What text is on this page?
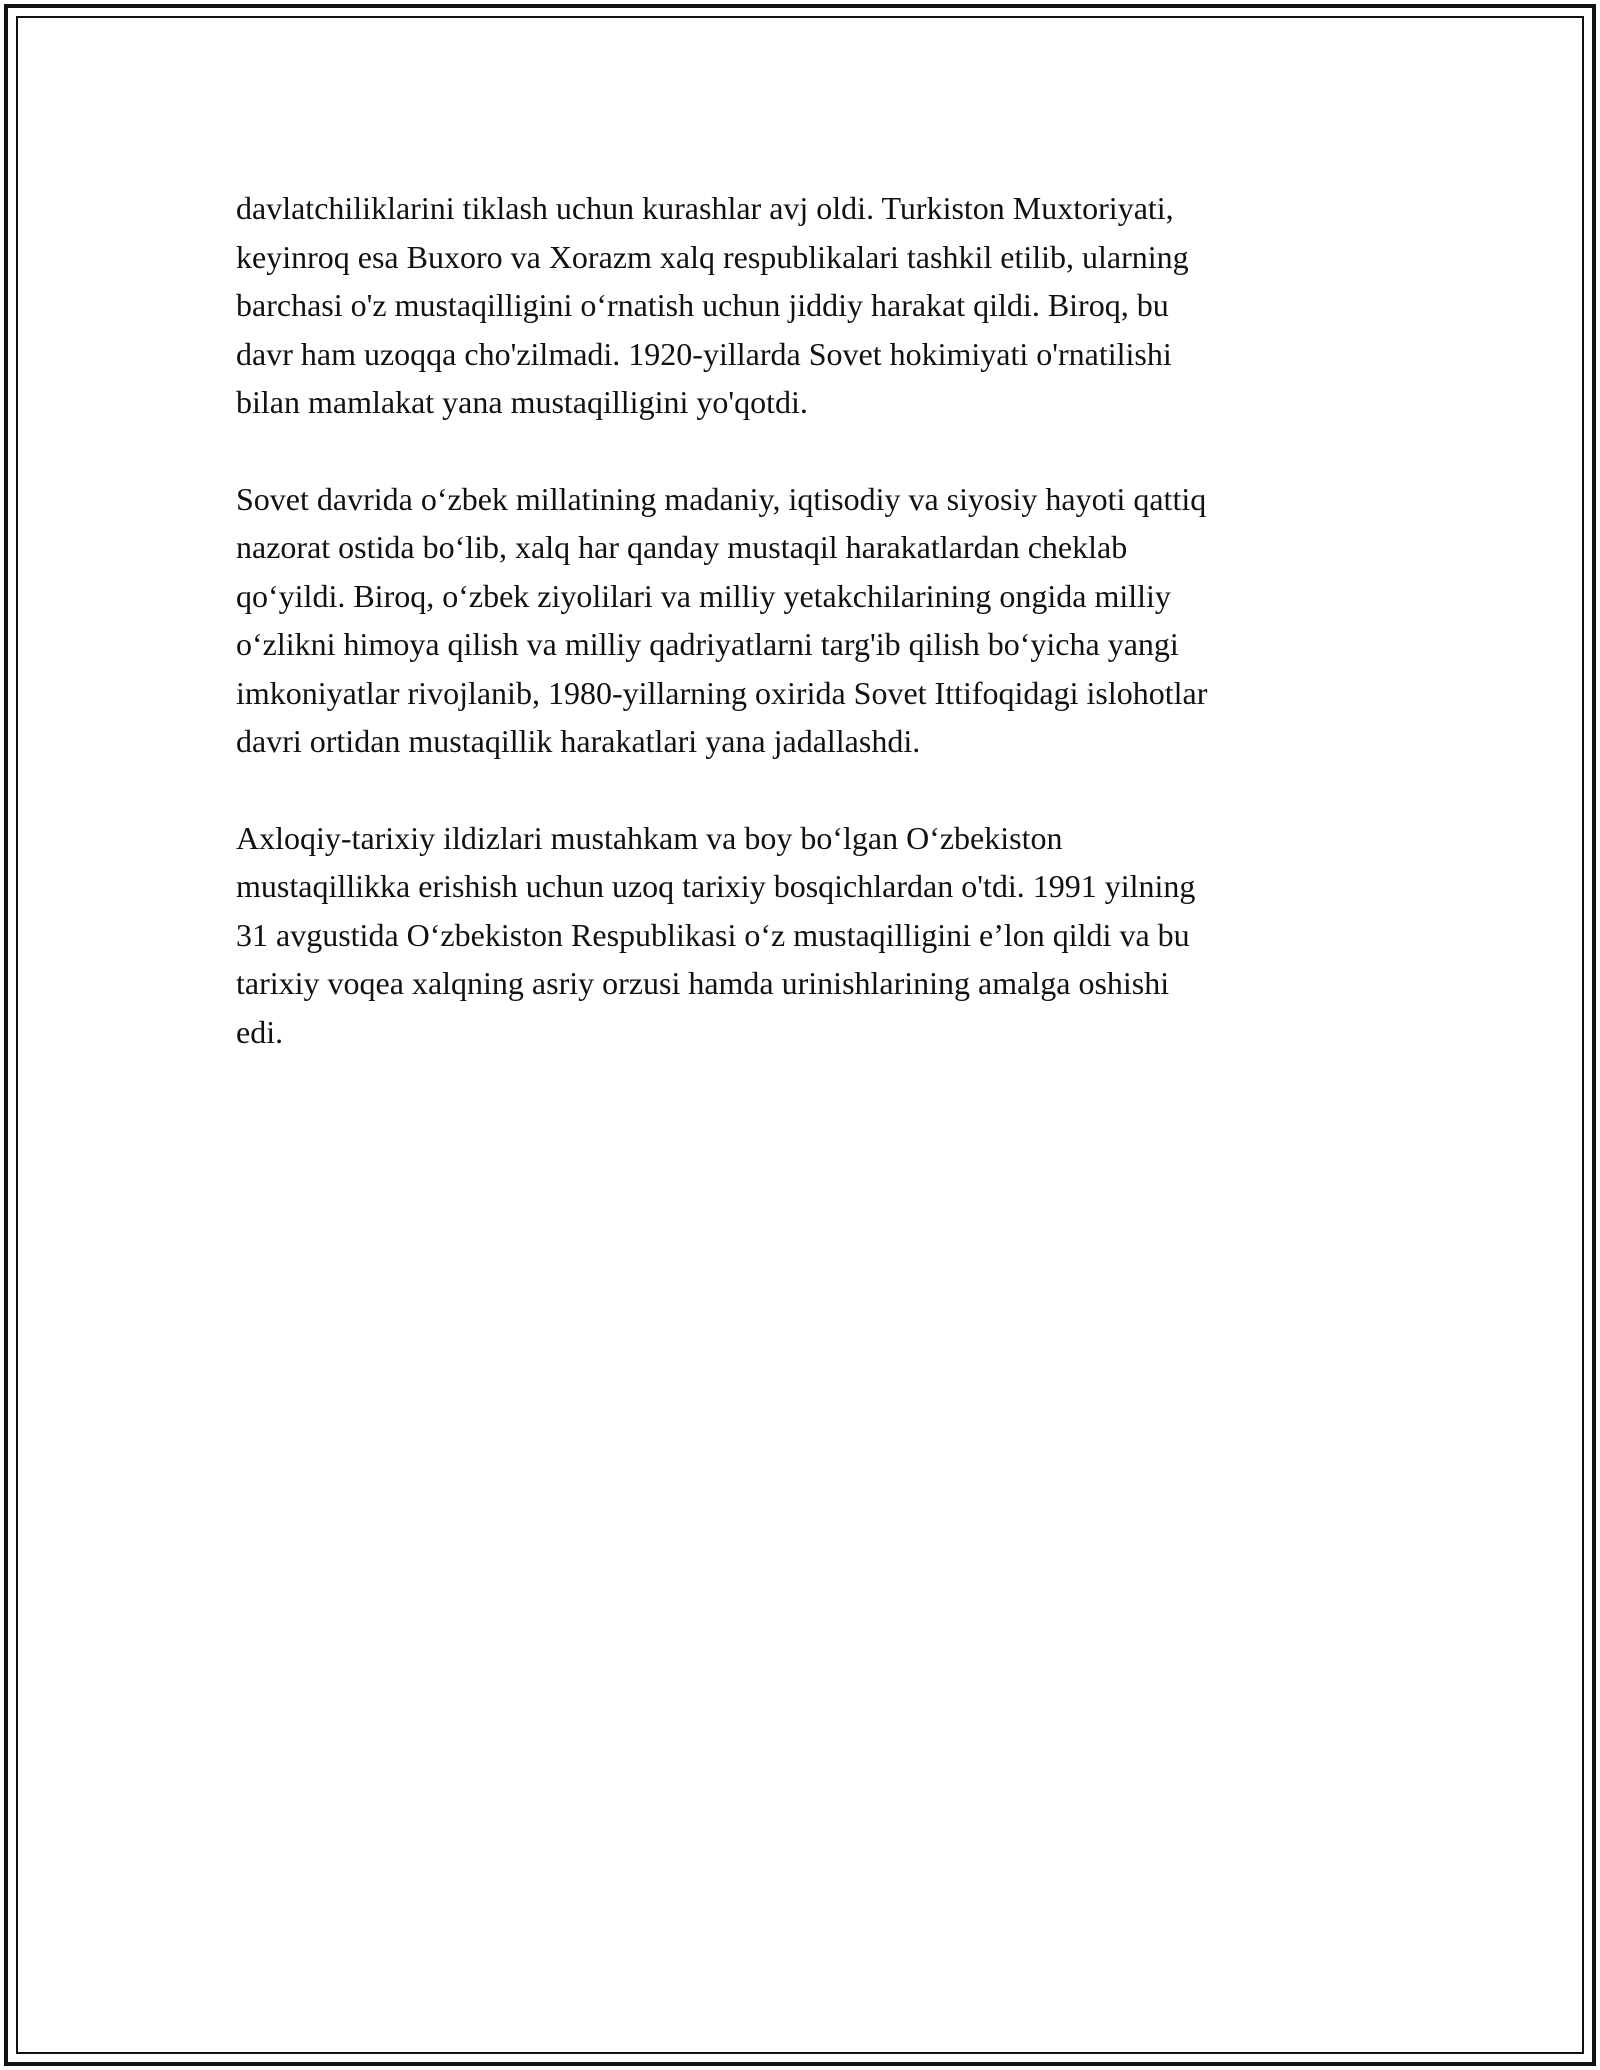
davlatchiliklarini tiklash uchun kurashlar avj oldi. Turkiston Muxtoriyati,
keyinroq esa Buxoro va Xorazm xalq respublikalari tashkil etilib, ularning
barchasi o'z mustaqilligini o‘rnatish uchun jiddiy harakat qildi. Biroq, bu
davr ham uzoqqa cho'zilmadi. 1920-yillarda Sovet hokimiyati o'rnatilishi
bilan mamlakat yana mustaqilligini yo'qotdi.

Sovet davrida o‘zbek millatining madaniy, iqtisodiy va siyosiy hayoti qattiq
nazorat ostida bo‘lib, xalq har qanday mustaqil harakatlardan cheklab
qo‘yildi. Biroq, o‘zbek ziyolilari va milliy yetakchilarining ongida milliy
o‘zlikni himoya qilish va milliy qadriyatlarni targ'ib qilish bo‘yicha yangi
imkoniyatlar rivojlanib, 1980-yillarning oxirida Sovet Ittifoqidagi islohotlar
davri ortidan mustaqillik harakatlari yana jadallashdi.

Axloqiy-tarixiy ildizlari mustahkam va boy bo‘lgan O‘zbekiston
mustaqillikka erishish uchun uzoq tarixiy bosqichlardan o'tdi. 1991 yilning
31 avgustida O‘zbekiston Respublikasi o‘z mustaqilligini e’lon qildi va bu
tarixiy voqea xalqning asriy orzusi hamda urinishlarining amalga oshishi
edi.
